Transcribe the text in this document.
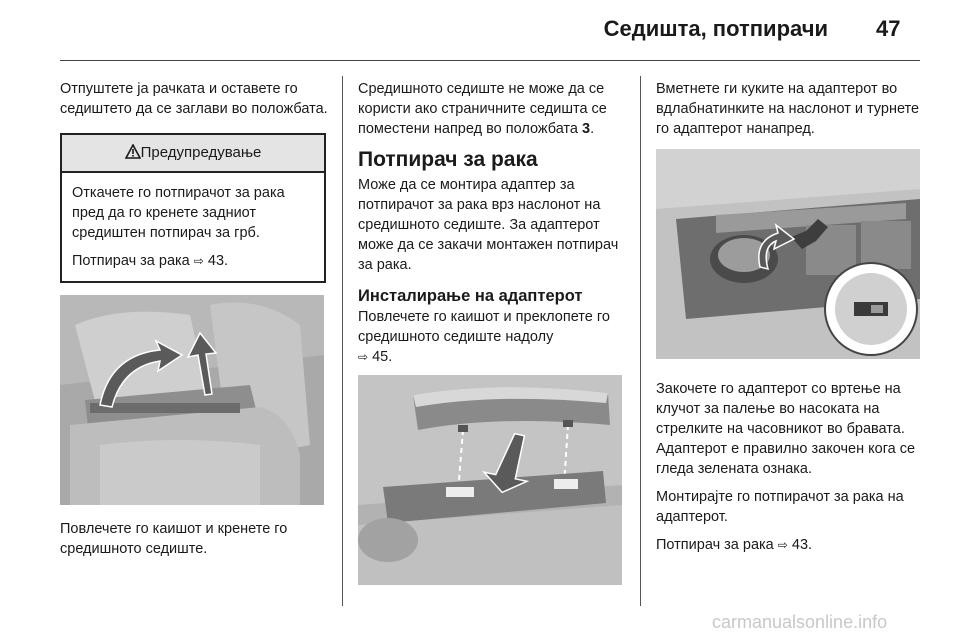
Седишта, потпирачи 47

Отпуштете ја рачката и оставете го седиштето да се заглави во положбата.

Предупредување

Откачете го потпирачот за рака пред да го кренете задниот средиштен потпирач за грб.

Потпирач за рака ⇨ 43.

Повлечете го каишот и кренете го средишното седиште.

Средишното седиште не може да се користи ако страничните седишта се поместени напред во положбата 3.

Потпирач за рака

Може да се монтира адаптер за потпирачот за рака врз наслонот на средишното седиште. За адаптерот може да се закачи монтажен потпирач за рака.

Инсталирање на адаптерот

Повлечете го каишот и преклопете го средишното седиште надолу
⇨ 45.

Вметнете ги куките на адаптерот во вдлабнатинките на наслонот и турнете го адаптерот нанапред.

Закочете го адаптерот со вртење на клучот за палење во насоката на стрелките на часовникот во бравата. Адаптерот е правилно закочен кога се гледа зелената ознака.

Монтирајте го потпирачот за рака на адаптерот.

Потпирач за рака ⇨ 43.

carmanualsonline.info
